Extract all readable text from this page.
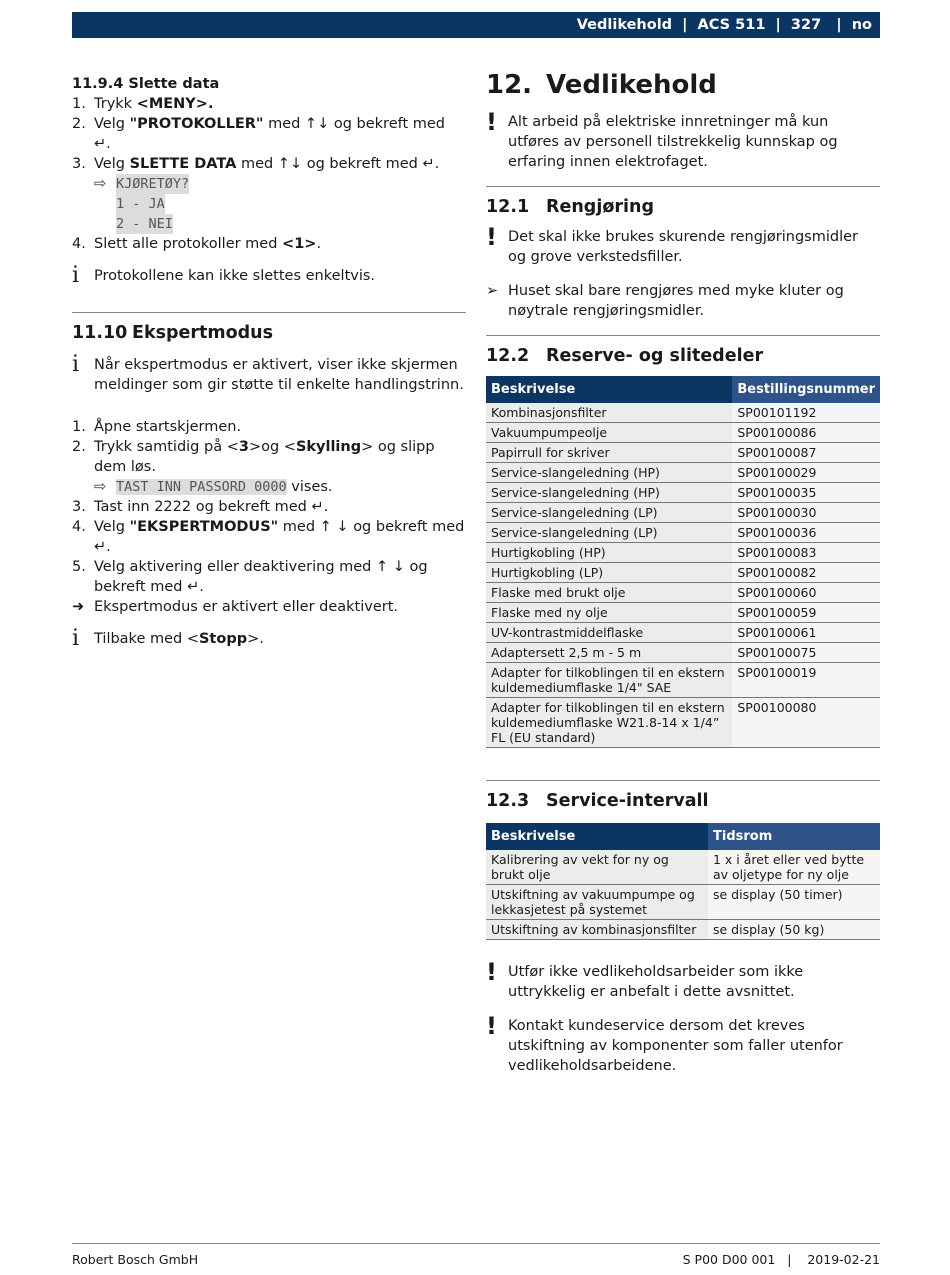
Vedlikehold  |  ACS 511  |  327   |  no
11.9.4 Slette data
1. Trykk <MENY>.
2. Velg "PROTOKOLLER" med ↑↓ og bekreft med ↵.
3. Velg SLETTE DATA med ↑↓ og bekreft med ↵.
⇨ KJØRETØY?
1 - JA
2 - NEI
4. Slett alle protokoller med <1>.
i	Protokollene kan ikke slettes enkeltvis.
11.10 Ekspertmodus
i	Når ekspertmodus er aktivert, viser ikke skjermen meldinger som gir støtte til enkelte handlingstrinn.
1. Åpne startskjermen.
2. Trykk samtidig på <3>og <Skylling> og slipp dem løs.
⇨ TAST INN PASSORD 0000 vises.
3. Tast inn 2222 og bekreft med ↵.
4. Velg "EKSPERTMODUS" med ↑ ↓ og bekreft med ↵.
5. Velg aktivering eller deaktivering med ↑ ↓ og bekreft med ↵.
➜ Ekspertmodus er aktivert eller deaktivert.
i	Tilbake med <Stopp>.
12. Vedlikehold
! Alt arbeid på elektriske innretninger må kun utføres av personell tilstrekkelig kunnskap og erfaring innen elektrofaget.
12.1 Rengjøring
! Det skal ikke brukes skurende rengjøringsmidler og grove verkstedsfiller.
➢ Huset skal bare rengjøres med myke kluter og nøytrale rengjøringsmidler.
12.2 Reserve- og slitedeler
Beskrivelse	Bestillingsnummer
Kombinasjonsfilter	SP00101192
Vakuumpumpeolje	SP00100086
Papirrull for skriver	SP00100087
Service-slangeledning (HP)	SP00100029
Service-slangeledning (HP)	SP00100035
Service-slangeledning (LP)	SP00100030
Service-slangeledning (LP)	SP00100036
Hurtigkobling (HP)	SP00100083
Hurtigkobling (LP)	SP00100082
Flaske med brukt olje	SP00100060
Flaske med ny olje	SP00100059
UV-kontrastmiddelflaske	SP00100061
Adaptersett 2,5 m - 5 m	SP00100075
Adapter for tilkoblingen til en ekstern kuldemediumflaske 1/4" SAE	SP00100019
Adapter for tilkoblingen til en ekstern kuldemediumflaske W21.8-14 x 1/4” FL (EU standard)	SP00100080
12.3 Service-intervall
Beskrivelse	Tidsrom
Kalibrering av vekt for ny og brukt olje	1 x i året eller ved bytte av oljetype for ny olje
Utskiftning av vakuumpumpe og lekkasjetest på systemet	se display (50 timer)
Utskiftning av kombinasjonsfilter	se display (50 kg)
! Utfør ikke vedlikeholdsarbeider som ikke uttrykkelig er anbefalt i dette avsnittet.
! Kontakt kundeservice dersom det kreves utskiftning av komponenter som faller utenfor vedlikeholdsarbeidene.
Robert Bosch GmbH	S P00 D00 001   |    2019-02-21
